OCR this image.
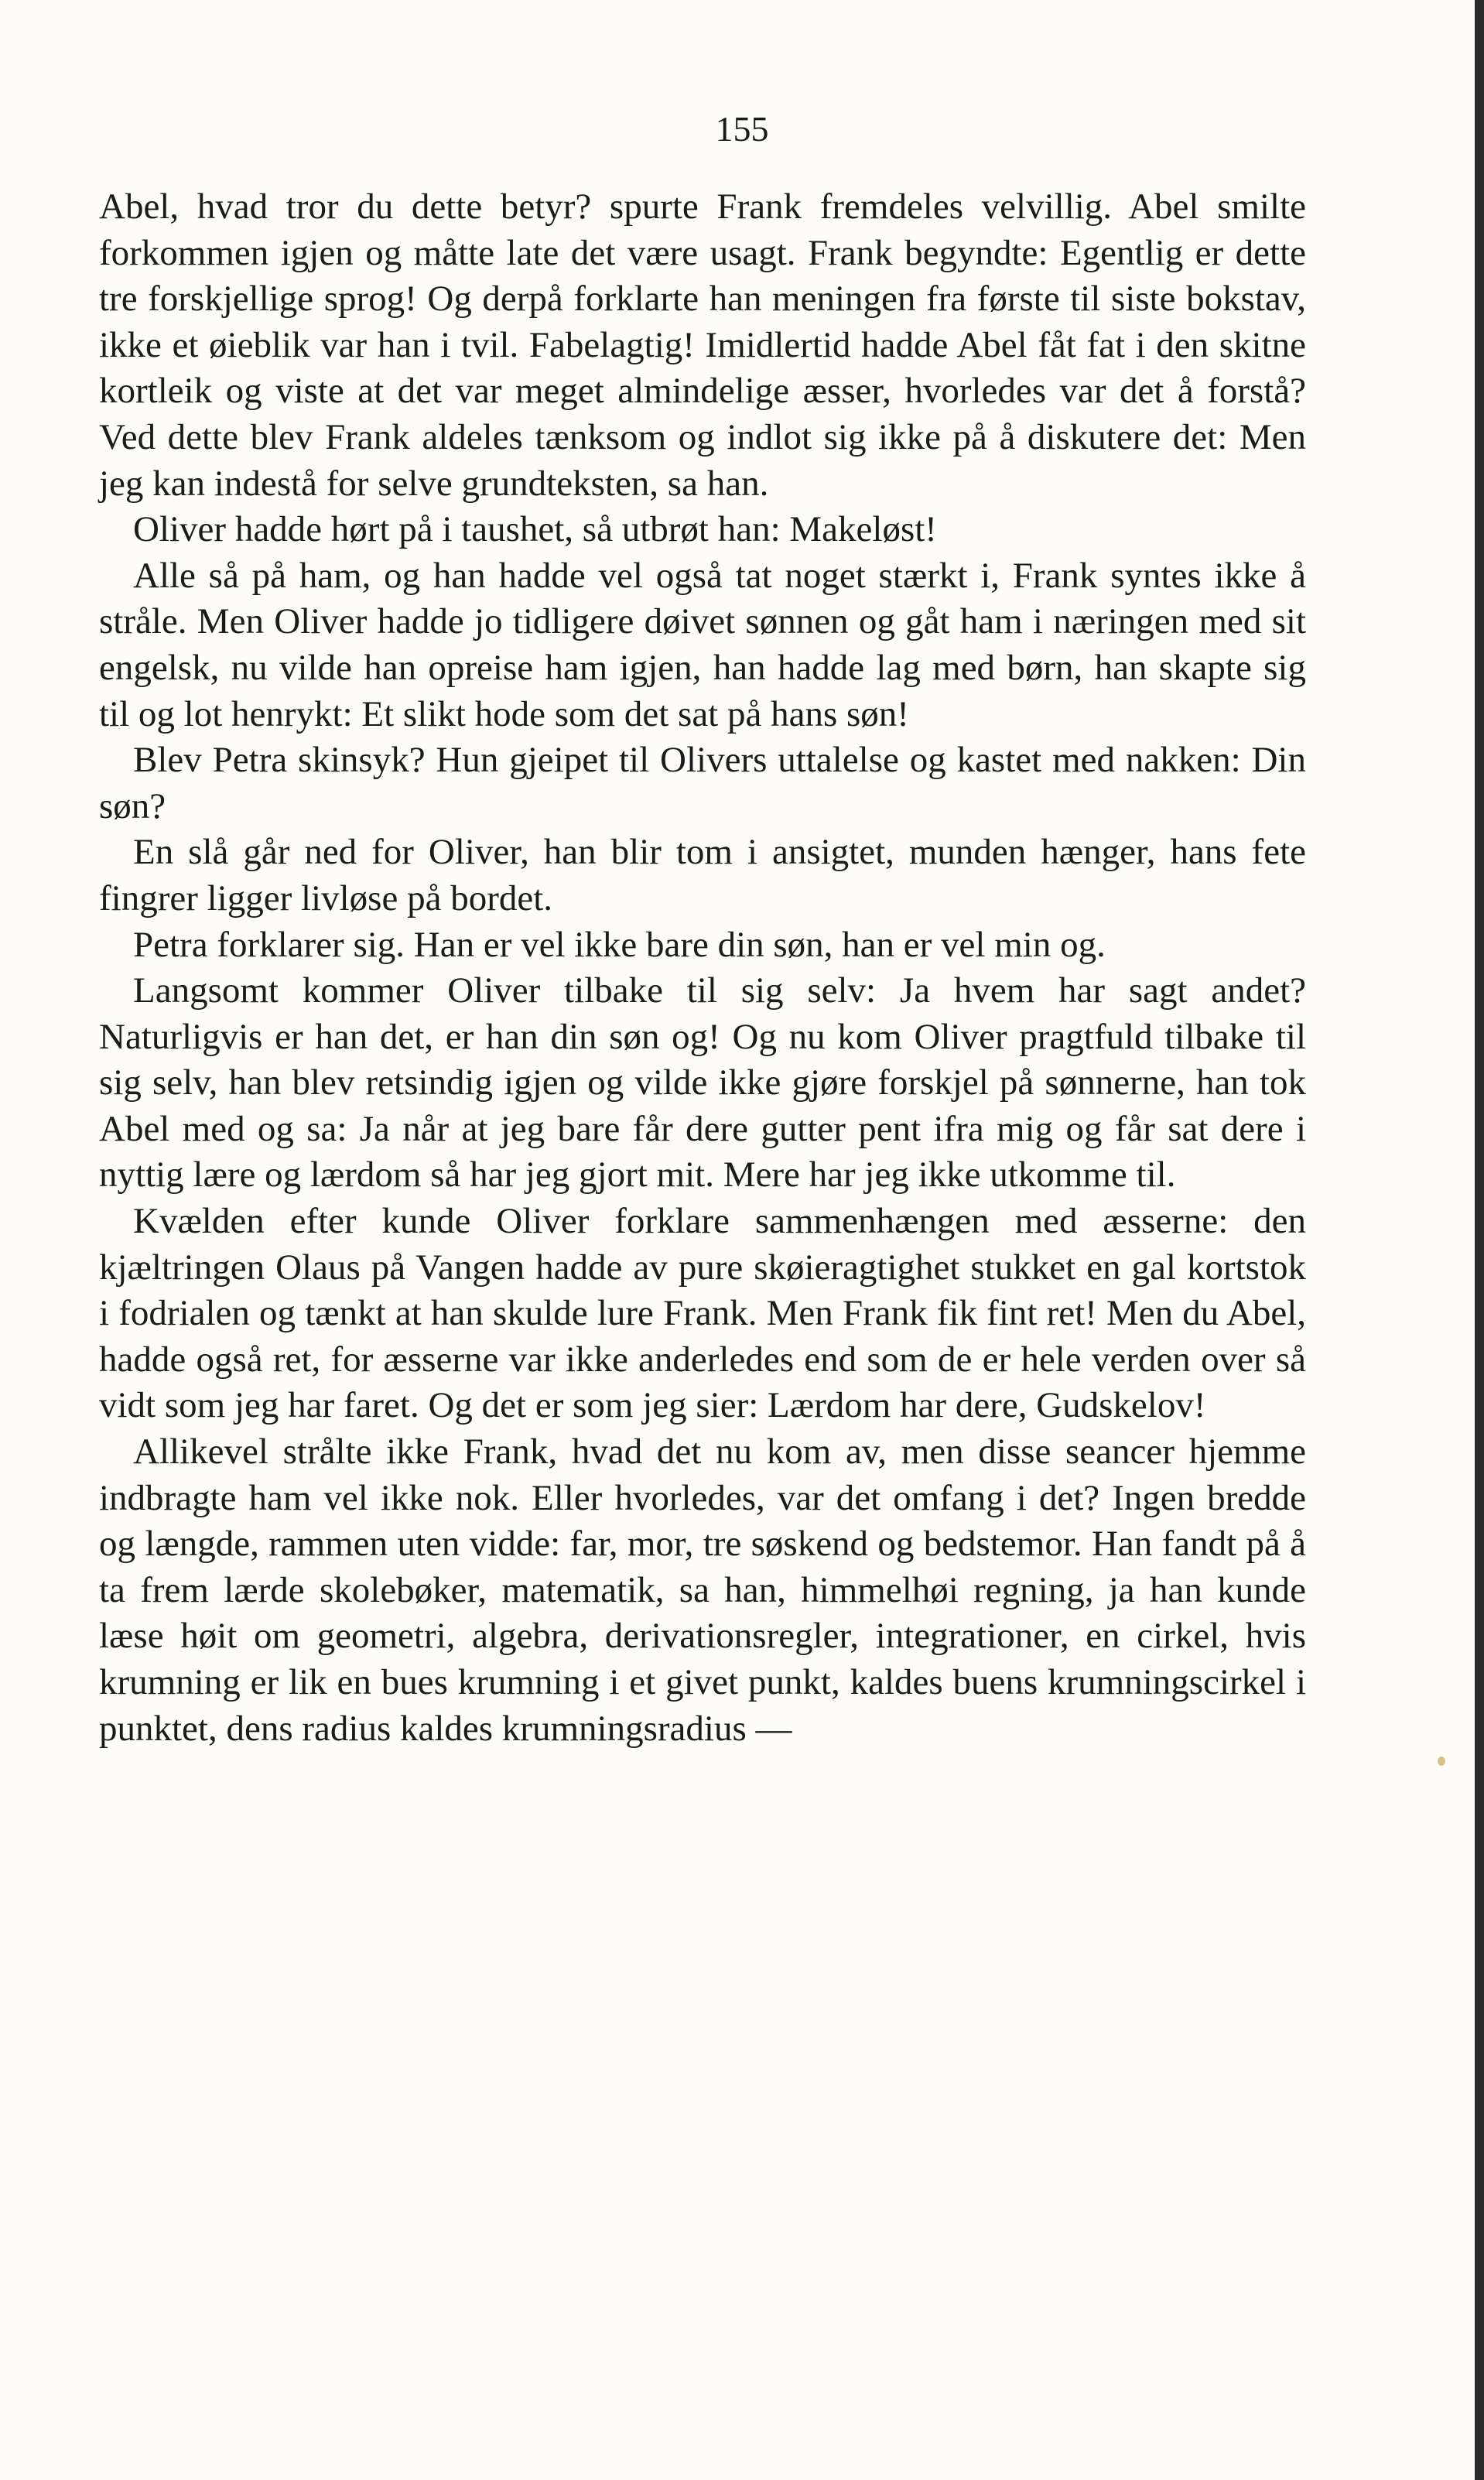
155

Abel, hvad tror du dette betyr? spurte Frank fremdeles velvillig. Abel smilte forkommen igjen og måtte late det være usagt. Frank begyndte: Egentlig er dette tre forskjellige sprog! Og derpå forklarte han meningen fra første til siste bokstav, ikke et øieblik var han i tvil. Fabelagtig! Imidlertid hadde Abel fåt fat i den skitne kortleik og viste at det var meget almindelige æsser, hvorledes var det å forstå? Ved dette blev Frank aldeles tænksom og indlot sig ikke på å diskutere det: Men jeg kan indestå for selve grundteksten, sa han.

Oliver hadde hørt på i taushet, så utbrøt han: Makeløst!

Alle så på ham, og han hadde vel også tat noget stærkt i, Frank syntes ikke å stråle. Men Oliver hadde jo tidligere døivet sønnen og gåt ham i næringen med sit engelsk, nu vilde han opreise ham igjen, han hadde lag med børn, han skapte sig til og lot henrykt: Et slikt hode som det sat på hans søn!

Blev Petra skinsyk? Hun gjeipet til Olivers uttalelse og kastet med nakken: Din søn?

En slå går ned for Oliver, han blir tom i ansigtet, munden hænger, hans fete fingrer ligger livløse på bordet.

Petra forklarer sig. Han er vel ikke bare din søn, han er vel min og.

Langsomt kommer Oliver tilbake til sig selv: Ja hvem har sagt andet? Naturligvis er han det, er han din søn og! Og nu kom Oliver pragtfuld tilbake til sig selv, han blev retsindig igjen og vilde ikke gjøre forskjel på sønnerne, han tok Abel med og sa: Ja når at jeg bare får dere gutter pent ifra mig og får sat dere i nyttig lære og lærdom så har jeg gjort mit. Mere har jeg ikke utkomme til.

Kvælden efter kunde Oliver forklare sammenhængen med æsserne: den kjæltringen Olaus på Vangen hadde av pure skøieragtighet stukket en gal kortstok i fodrialen og tænkt at han skulde lure Frank. Men Frank fik fint ret! Men du Abel, hadde også ret, for æsserne var ikke anderledes end som de er hele verden over så vidt som jeg har faret. Og det er som jeg sier: Lærdom har dere, Gudskelov!

Allikevel strålte ikke Frank, hvad det nu kom av, men disse seancer hjemme indbragte ham vel ikke nok. Eller hvorledes, var det omfang i det? Ingen bredde og længde, rammen uten vidde: far, mor, tre søskend og bedstemor. Han fandt på å ta frem lærde skolebøker, matematik, sa han, himmelhøi regning, ja han kunde læse høit om geometri, algebra, derivationsregler, integrationer, en cirkel, hvis krumning er lik en bues krumning i et givet punkt, kaldes buens krumningscirkel i punktet, dens radius kaldes krumningsradius —
